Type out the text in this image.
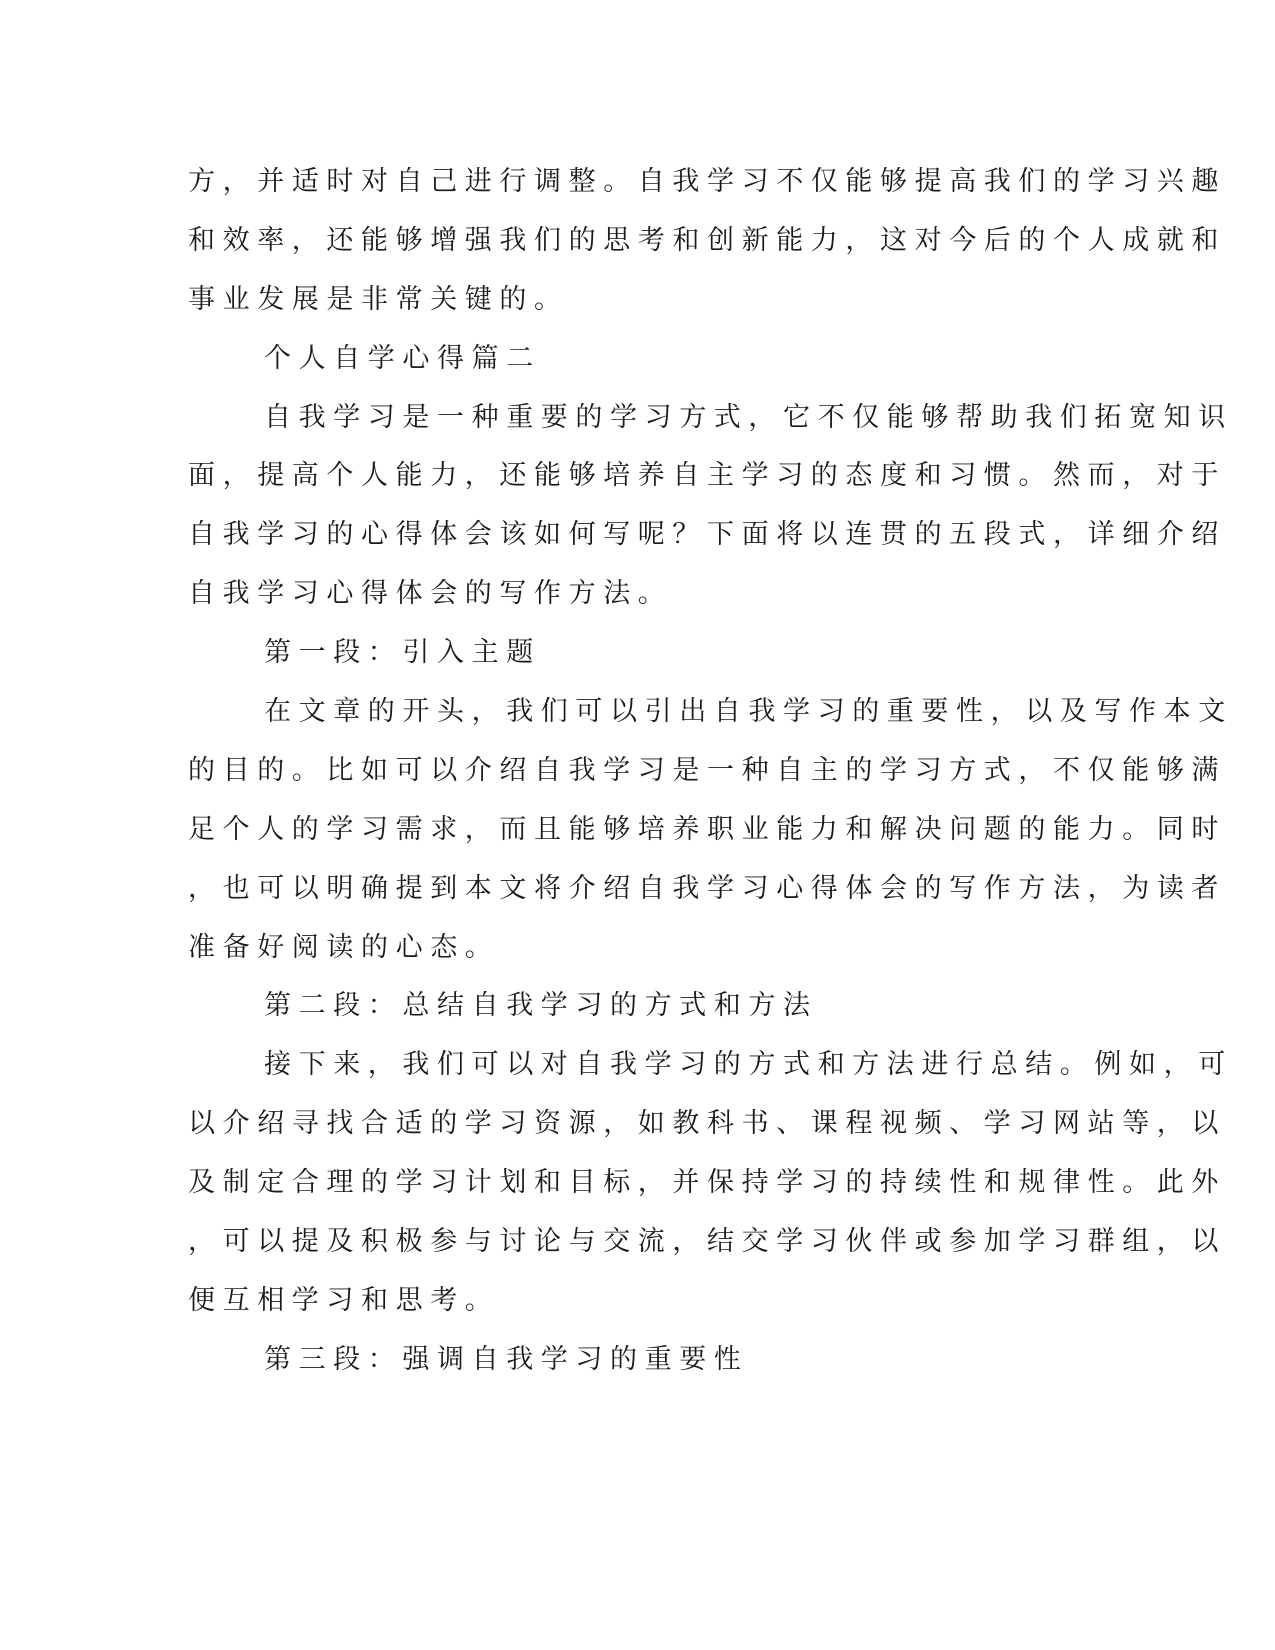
方，并适时对自己进行调整。自我学习不仅能够提高我们的学习兴趣
和效率，还能够增强我们的思考和创新能力，这对今后的个人成就和
事业发展是非常关键的。
个人自学心得篇二
自我学习是一种重要的学习方式，它不仅能够帮助我们拓宽知识
面，提高个人能力，还能够培养自主学习的态度和习惯。然而，对于
自我学习的心得体会该如何写呢？下面将以连贯的五段式，详细介绍
自我学习心得体会的写作方法。
第一段：引入主题
在文章的开头，我们可以引出自我学习的重要性，以及写作本文
的目的。比如可以介绍自我学习是一种自主的学习方式，不仅能够满
足个人的学习需求，而且能够培养职业能力和解决问题的能力。同时
，也可以明确提到本文将介绍自我学习心得体会的写作方法，为读者
准备好阅读的心态。
第二段：总结自我学习的方式和方法
接下来，我们可以对自我学习的方式和方法进行总结。例如，可
以介绍寻找合适的学习资源，如教科书、课程视频、学习网站等，以
及制定合理的学习计划和目标，并保持学习的持续性和规律性。此外
，可以提及积极参与讨论与交流，结交学习伙伴或参加学习群组，以
便互相学习和思考。
第三段：强调自我学习的重要性
